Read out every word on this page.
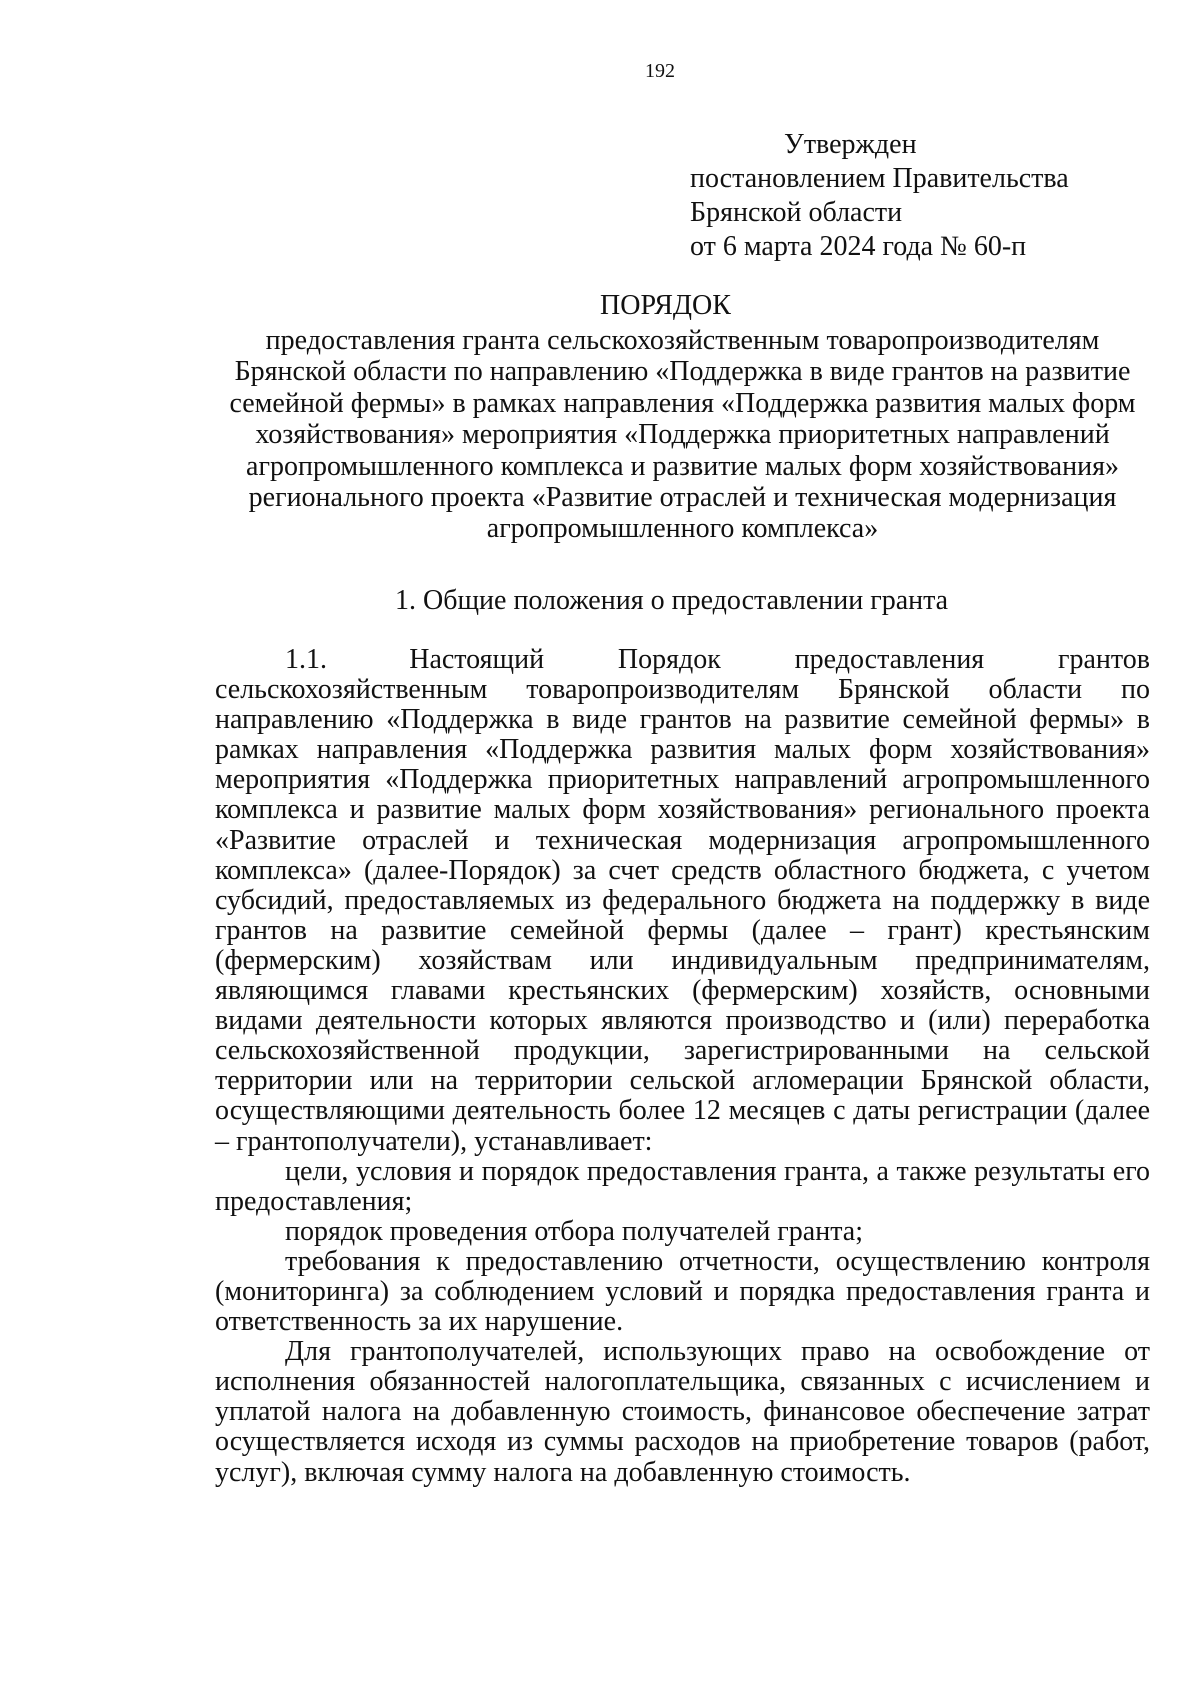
192
Утвержден
постановлением Правительства
Брянской области
от 6 марта 2024 года № 60-п
ПОРЯДОК
предоставления гранта сельскохозяйственным товаропроизводителям Брянской области по направлению «Поддержка в виде грантов на развитие семейной фермы» в рамках направления «Поддержка развития малых форм хозяйствования» мероприятия «Поддержка приоритетных направлений агропромышленного комплекса и развитие малых форм хозяйствования» регионального проекта «Развитие отраслей и техническая модернизация агропромышленного комплекса»
1. Общие положения о предоставлении гранта

1.1.	Настоящий Порядок предоставления грантов сельскохозяйственным товаропроизводителям Брянской области по направлению «Поддержка в виде грантов на развитие семейной фермы» в рамках направления «Поддержка развития малых форм хозяйствования» мероприятия «Поддержка приоритетных направлений агропромышленного комплекса и развитие малых форм хозяйствования» регионального проекта «Развитие отраслей и техническая модернизация агропромышленного комплекса» (далее-Порядок) за счет средств областного бюджета, с учетом субсидий, предоставляемых из федерального бюджета на поддержку в виде грантов на развитие семейной фермы (далее – грант) крестьянским (фермерским) хозяйствам или индивидуальным предпринимателям, являющимся главами крестьянских (фермерским) хозяйств, основными видами деятельности которых являются производство и (или) переработка сельскохозяйственной продукции, зарегистрированными на сельской территории или на территории сельской агломерации Брянской области, осуществляющими деятельность более 12 месяцев с даты регистрации (далее – грантополучатели), устанавливает:

цели, условия и порядок предоставления гранта, а также результаты его предоставления;

порядок проведения отбора получателей гранта;

требования к предоставлению отчетности, осуществлению контроля (мониторинга) за соблюдением условий и порядка предоставления гранта и ответственность за их нарушение.

Для грантополучателей, использующих право на освобождение от исполнения обязанностей налогоплательщика, связанных с исчислением и уплатой налога на добавленную стоимость, финансовое обеспечение затрат осуществляется исходя из суммы расходов на приобретение товаров (работ, услуг), включая сумму налога на добавленную стоимость.
